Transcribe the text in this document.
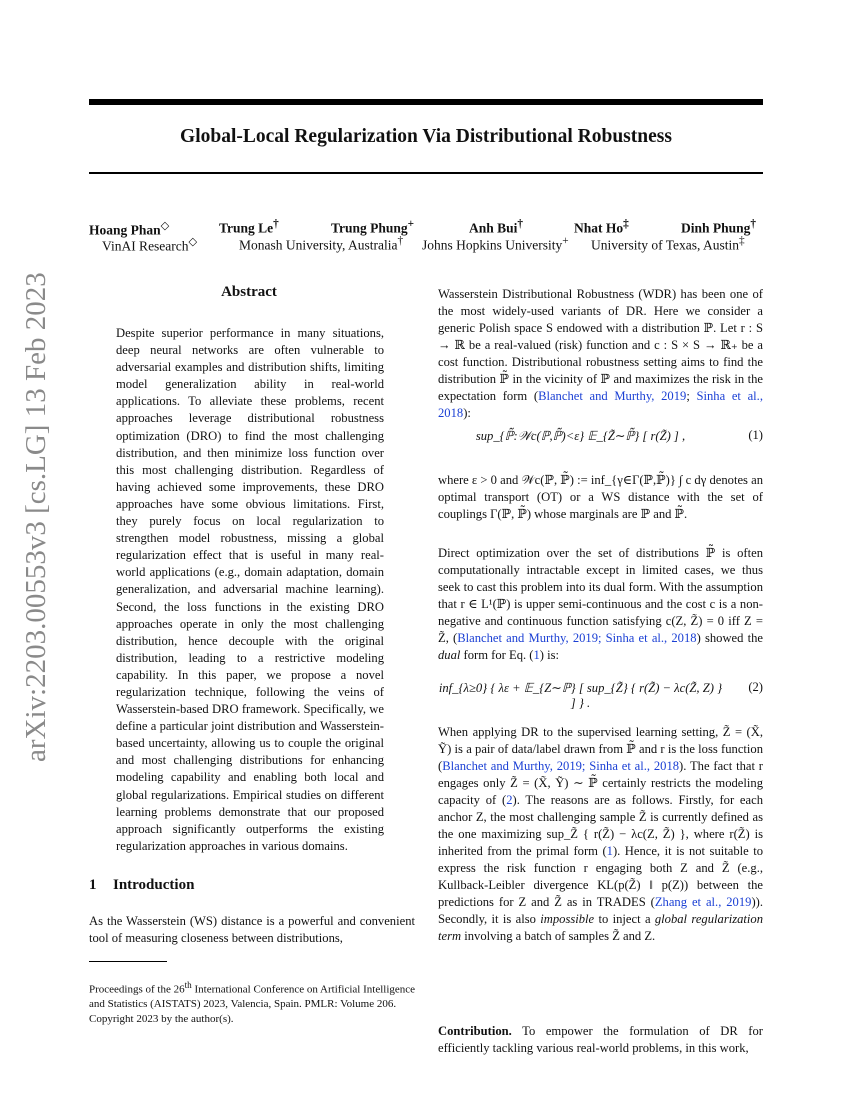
Global-Local Regularization Via Distributional Robustness
arXiv:2203.00553v3 [cs.LG] 13 Feb 2023
Hoang Phan◇	Trung Le†	Trung Phung+	Anh Bui†	Nhat Ho‡	Dinh Phung†
VinAI Research◇	Monash University, Australia† Johns Hopkins University+ University of Texas, Austin‡
Abstract
Despite superior performance in many situations, deep neural networks are often vulnerable to adversarial examples and distribution shifts, limiting model generalization ability in real-world applications. To alleviate these problems, recent approaches leverage distributional robustness optimization (DRO) to find the most challenging distribution, and then minimize loss function over this most challenging distribution. Regardless of having achieved some improvements, these DRO approaches have some obvious limitations. First, they purely focus on local regularization to strengthen model robustness, missing a global regularization effect that is useful in many real-world applications (e.g., domain adaptation, domain generalization, and adversarial machine learning). Second, the loss functions in the existing DRO approaches operate in only the most challenging distribution, hence decouple with the original distribution, leading to a restrictive modeling capability. In this paper, we propose a novel regularization technique, following the veins of Wasserstein-based DRO framework. Specifically, we define a particular joint distribution and Wasserstein-based uncertainty, allowing us to couple the original and most challenging distributions for enhancing modeling capability and enabling both local and global regularizations. Empirical studies on different learning problems demonstrate that our proposed approach significantly outperforms the existing regularization approaches in various domains.
1 Introduction
As the Wasserstein (WS) distance is a powerful and convenient tool of measuring closeness between distributions,
Proceedings of the 26th International Conference on Artificial Intelligence and Statistics (AISTATS) 2023, Valencia, Spain. PMLR: Volume 206. Copyright 2023 by the author(s).
Wasserstein Distributional Robustness (WDR) has been one of the most widely-used variants of DR. Here we consider a generic Polish space S endowed with a distribution ℙ. Let r : S → ℝ be a real-valued (risk) function and c : S × S → ℝ₊ be a cost function. Distributional robustness setting aims to find the distribution ℙ̃ in the vicinity of ℙ and maximizes the risk in the expectation form (Blanchet and Murthy, 2019; Sinha et al., 2018):
sup_{ℙ̃:𝒲c(ℙ,ℙ̃)<ε} 𝔼_{Z̃∼ℙ̃} [ r(Z̃) ] ,	(1)
where ε > 0 and 𝒲c(ℙ, ℙ̃) := inf_{γ∈Γ(ℙ,ℙ̃)} ∫ c dγ denotes an optimal transport (OT) or a WS distance with the set of couplings Γ(ℙ, ℙ̃) whose marginals are ℙ and ℙ̃.
Direct optimization over the set of distributions ℙ̃ is often computationally intractable except in limited cases, we thus seek to cast this problem into its dual form. With the assumption that r ∈ L¹(ℙ) is upper semi-continuous and the cost c is a non-negative and continuous function satisfying c(Z, Z̃) = 0 iff Z = Z̃, (Blanchet and Murthy, 2019; Sinha et al., 2018) showed the dual form for Eq. (1) is:
inf_{λ≥0} { λε + 𝔼_{Z∼ℙ} [ sup_{Z̃} { r(Z̃) − λc(Z̃, Z) } ] } .
(2)
When applying DR to the supervised learning setting, Z̃ = (X̃, Ỹ) is a pair of data/label drawn from ℙ̃ and r is the loss function (Blanchet and Murthy, 2019; Sinha et al., 2018). The fact that r engages only Z̃ = (X̃, Ỹ) ∼ ℙ̃ certainly restricts the modeling capacity of (2). The reasons are as follows. Firstly, for each anchor Z, the most challenging sample Z̃ is currently defined as the one maximizing sup_Z̃ { r(Z̃) − λc(Z, Z̃) }, where r(Z̃) is inherited from the primal form (1). Hence, it is not suitable to express the risk function r engaging both Z and Z̃ (e.g., Kullback-Leibler divergence KL(p(Z̃) ‖ p(Z)) between the predictions for Z and Z̃ as in TRADES (Zhang et al., 2019)). Secondly, it is also impossible to inject a global regularization term involving a batch of samples Z̃ and Z.
Contribution. To empower the formulation of DR for efficiently tackling various real-world problems, in this work,
